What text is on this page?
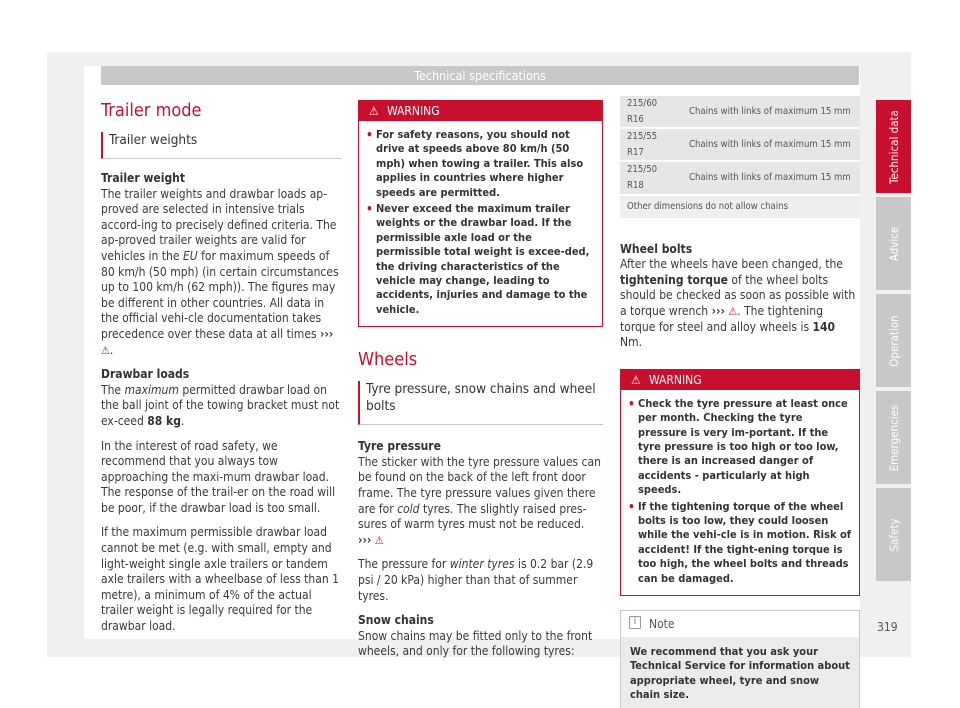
Technical specifications
Trailer mode
Trailer weights
Trailer weight

The trailer weights and drawbar loads ap-proved are selected in intensive trials accord-ing to precisely defined criteria. The ap-proved trailer weights are valid for vehicles in the EU for maximum speeds of 80 km/h (50 mph) (in certain circumstances up to 100 km/h (62 mph)). The figures may be different in other countries. All data in the official vehi-cle documentation takes precedence over these data at all times ››› ⚠.

Drawbar loads

The maximum permitted drawbar load on the ball joint of the towing bracket must not ex-ceed 88 kg.

In the interest of road safety, we recommend that you always tow approaching the maxi-mum drawbar load. The response of the trail-er on the road will be poor, if the drawbar load is too small.

If the maximum permissible drawbar load cannot be met (e.g. with small, empty and light-weight single axle trailers or tandem axle trailers with a wheelbase of less than 1 metre), a minimum of 4% of the actual trailer weight is legally required for the drawbar load.

⚠ WARNING
• For safety reasons, you should not drive at speeds above 80 km/h (50 mph) when towing a trailer. This also applies in countries where higher speeds are permitted.
• Never exceed the maximum trailer weights or the drawbar load. If the permissible axle load or the permissible total weight is excee-ded, the driving characteristics of the vehicle may change, leading to accidents, injuries and damage to the vehicle.
Wheels
Tyre pressure, snow chains and wheel bolts
Tyre pressure

The sticker with the tyre pressure values can be found on the back of the left front door frame. The tyre pressure values given there are for cold tyres. The slightly raised pres-sures of warm tyres must not be reduced.

››› ⚠

The pressure for winter tyres is 0.2 bar (2.9 psi / 20 kPa) higher than that of summer tyres.

Snow chains

Snow chains may be fitted only to the front wheels, and only for the following tyres:

215/60 R16	Chains with links of maximum 15 mm
215/55 R17	Chains with links of maximum 15 mm
215/50 R18	Chains with links of maximum 15 mm
Other dimensions do not allow chains	
Wheel bolts

After the wheels have been changed, the tightening torque of the wheel bolts should be checked as soon as possible with a torque wrench ››› ⚠. The tightening torque for steel and alloy wheels is 140 Nm.

⚠ WARNING
• Check the tyre pressure at least once per month. Checking the tyre pressure is very im-portant. If the tyre pressure is too high or too low, there is an increased danger of accidents - particularly at high speeds.
• If the tightening torque of the wheel bolts is too low, they could loosen while the vehi-cle is in motion. Risk of accident! If the tight-ening torque is too high, the wheel bolts and threads can be damaged.
i	Note
We recommend that you ask your Technical Service for information about appropriate wheel, tyre and snow chain size.
Technical data
Advice
Operation
Emergencies
Safety
319
